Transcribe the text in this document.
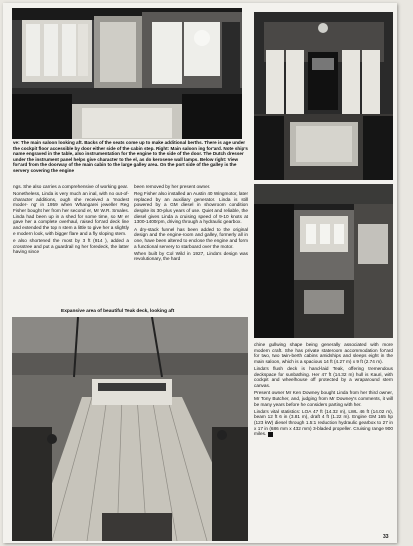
ve: The main saloon looking aft. Backs of the seats come up to make additional berths. There is age under the cockpit floor accessible by door either side of the cabin step. Right: Main saloon ing for'ard. Note ship's name engraved in the table, also instrumentation for the engine to the side of the door. The Dutch dresser under the instrument panel helps give character to the el, as do kerosene wall lamps. Below right: View for'ard from the doorway of the main cabin to the large galley area. On the port side of the galley is the servery covering the engine

ngs. She also carries a comprehensive of working gear.

Nonetheless, Linda is very much an inal, with no out-of-character additions, ough she received a 'modest moder- ng' in 1959 when Whangarei jeweller Reg Fisher bought her from her second er, Mr W.R. Smales. Linda had been up in a shed for some time, so Mr er gave her a complete overhaul, raised for'ard deck line and extended the top n stem a little to give her a slightly e modern look, with bigger flare and a fly sloping stem.

e also shortened the most by 3 ft (914 ), added a crosstree and put a guardrail ng her foredeck, the latter having since

been removed by her present owner.

Reg Fisher also installed an Austin 40 Wingmotor, later replaced by an auxiliary generator. Linda is still powered by a GM diesel in showroom condition despite its 30-plus years of use. Quiet and reliable, the diesel gives Linda a cruising speed of 9-10 knots at 1300-1400rpm, driving through a hydraulic gearbox.

A dry-stack funnel has been added to the original design and the engine-room and galley, formerly all in one, have been altered to enclose the engine and form a functional servery to starboard over the motor.

When built by Col Wild in 1927, Linda's design was revolutionary, the hard

Expansive area of beautiful Teak deck, looking aft

chine gullwing shape being generally associated with more modern craft. She has private stateroom accommodation for'ard for two, two twin-berth cabins amidships and sleeps eight in the main saloon, which is a spacious 14 ft (4.27 m) x 9 ft (2.74 m).

Linda's flush deck is hand-laid Teak, offering tremendous deckspace for sunbathing. Her 47 ft (14.32 m) hull is Kauri, with cockpit and wheelhouse off protected by a wraparound stern canvas.

Present owner Mr Ken Downey bought Linda from her third owner, Mr Tony Butcher, and, judging from Mr Downey's comments, it will be many years before he considers parting with her.

Linda's vital statistics: LOA 47 ft (14.32 m), LWL 46 ft (14.02 m), beam 12 ft 6 in (3.81 m), draft 4 ft (1.22 m). Engine GM 165 hp (123 kW) diesel through 1.5:1 reduction hydraulic gearbox to 27 in x 17 in (686 mm x 432 mm) 3-bladed propeller. Cruising range 900 miles.

33
